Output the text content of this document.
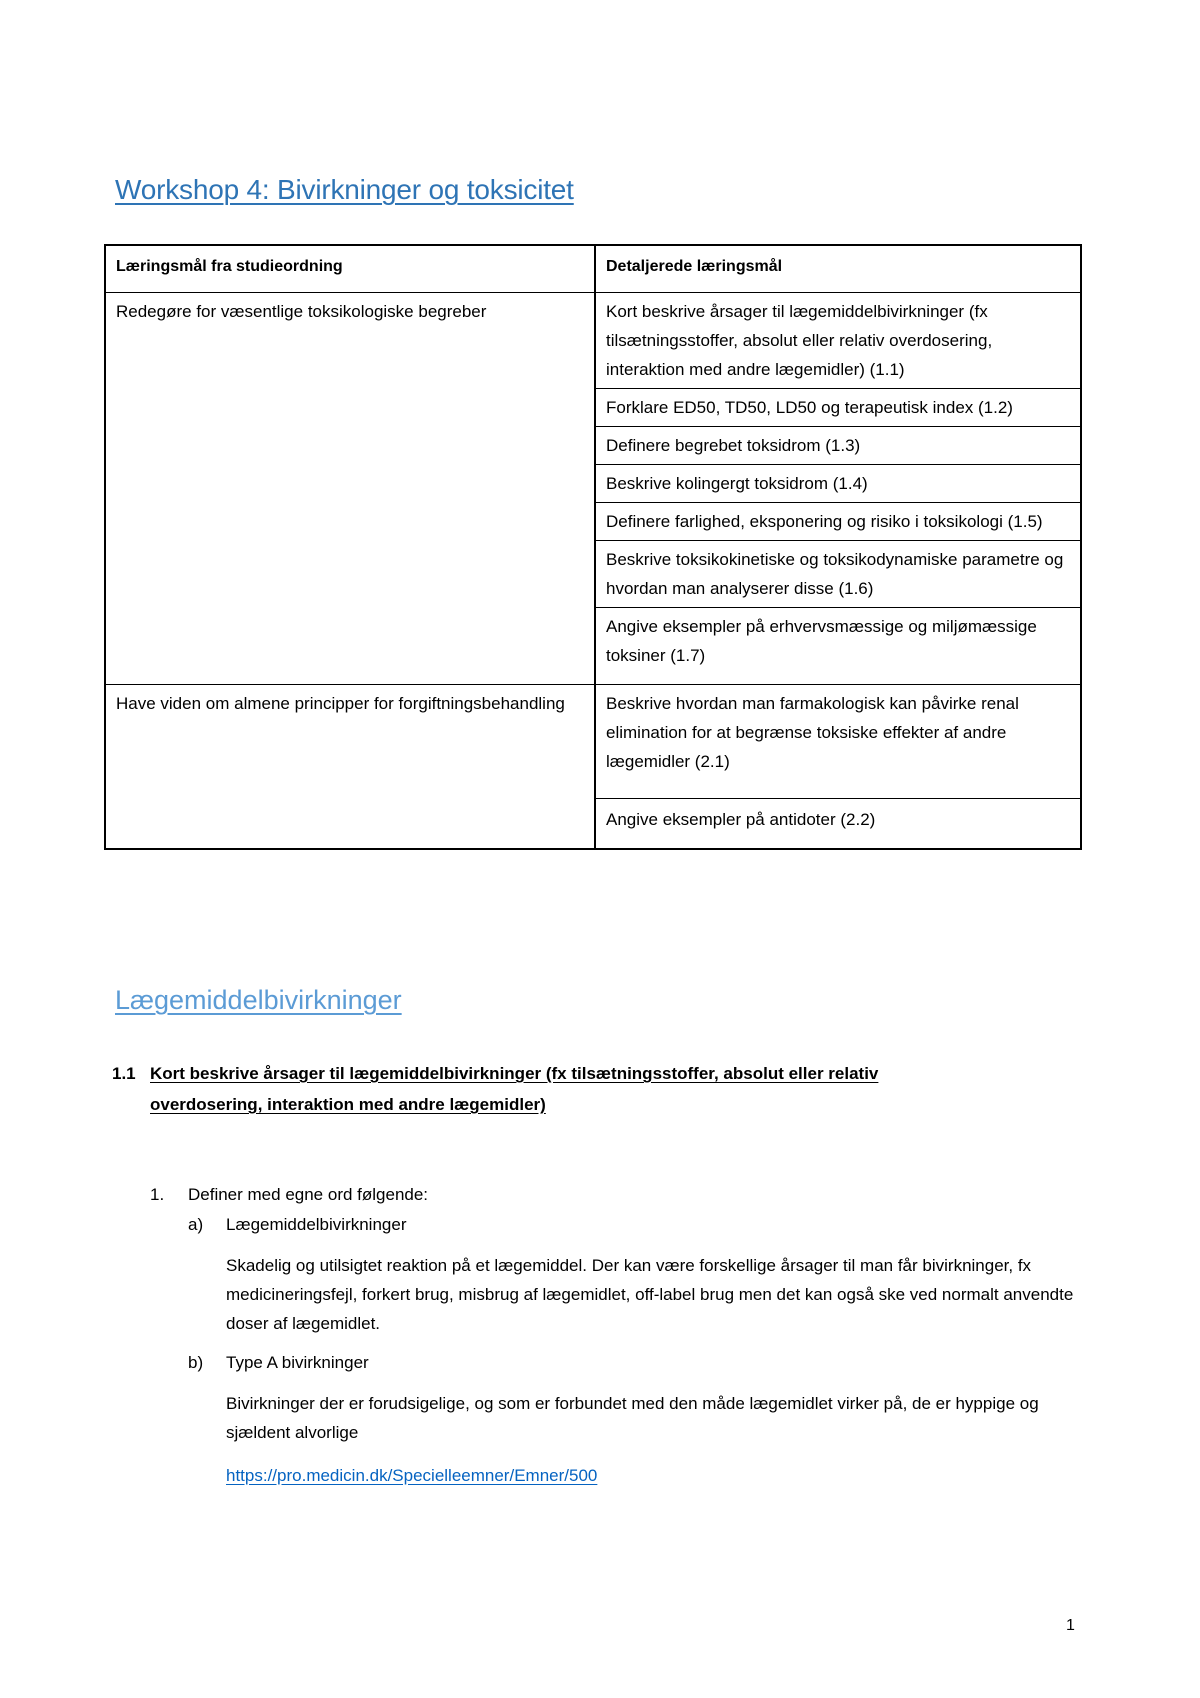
Workshop 4: Bivirkninger og toksicitet
Læringsmål fra studieordning	Detaljerede læringsmål
Redegøre for væsentlige toksikologiske begreber	Kort beskrive årsager til lægemiddelbivirkninger (fx tilsætningsstoffer, absolut eller relativ overdosering, interaktion med andre lægemidler) (1.1)
Forklare ED50, TD50, LD50 og terapeutisk index (1.2)
Definere begrebet toksidrom (1.3)
Beskrive kolingergt toksidrom (1.4)
Definere farlighed, eksponering og risiko i toksikologi (1.5)
Beskrive toksikokinetiske og toksikodynamiske parametre og hvordan man analyserer disse (1.6)
Angive eksempler på erhvervsmæssige og miljømæssige toksiner (1.7)
Have viden om almene principper for forgiftningsbehandling	Beskrive hvordan man farmakologisk kan påvirke renal elimination for at begrænse toksiske effekter af andre lægemidler (2.1)
Angive eksempler på antidoter (2.2)
Lægemiddelbivirkninger
1.1 Kort beskrive årsager til lægemiddelbivirkninger (fx tilsætningsstoffer, absolut eller relativ overdosering, interaktion med andre lægemidler)
1.	Definer med egne ord følgende:
a)	Lægemiddelbivirkninger
Skadelig og utilsigtet reaktion på et lægemiddel. Der kan være forskellige årsager til man får bivirkninger, fx medicineringsfejl, forkert brug, misbrug af lægemidlet, off-label brug men det kan også ske ved normalt anvendte doser af lægemidlet.
b)	Type A bivirkninger
Bivirkninger der er forudsigelige, og som er forbundet med den måde lægemidlet virker på, de er hyppige og sjældent alvorlige
https://pro.medicin.dk/Specielleemner/Emner/500
1
